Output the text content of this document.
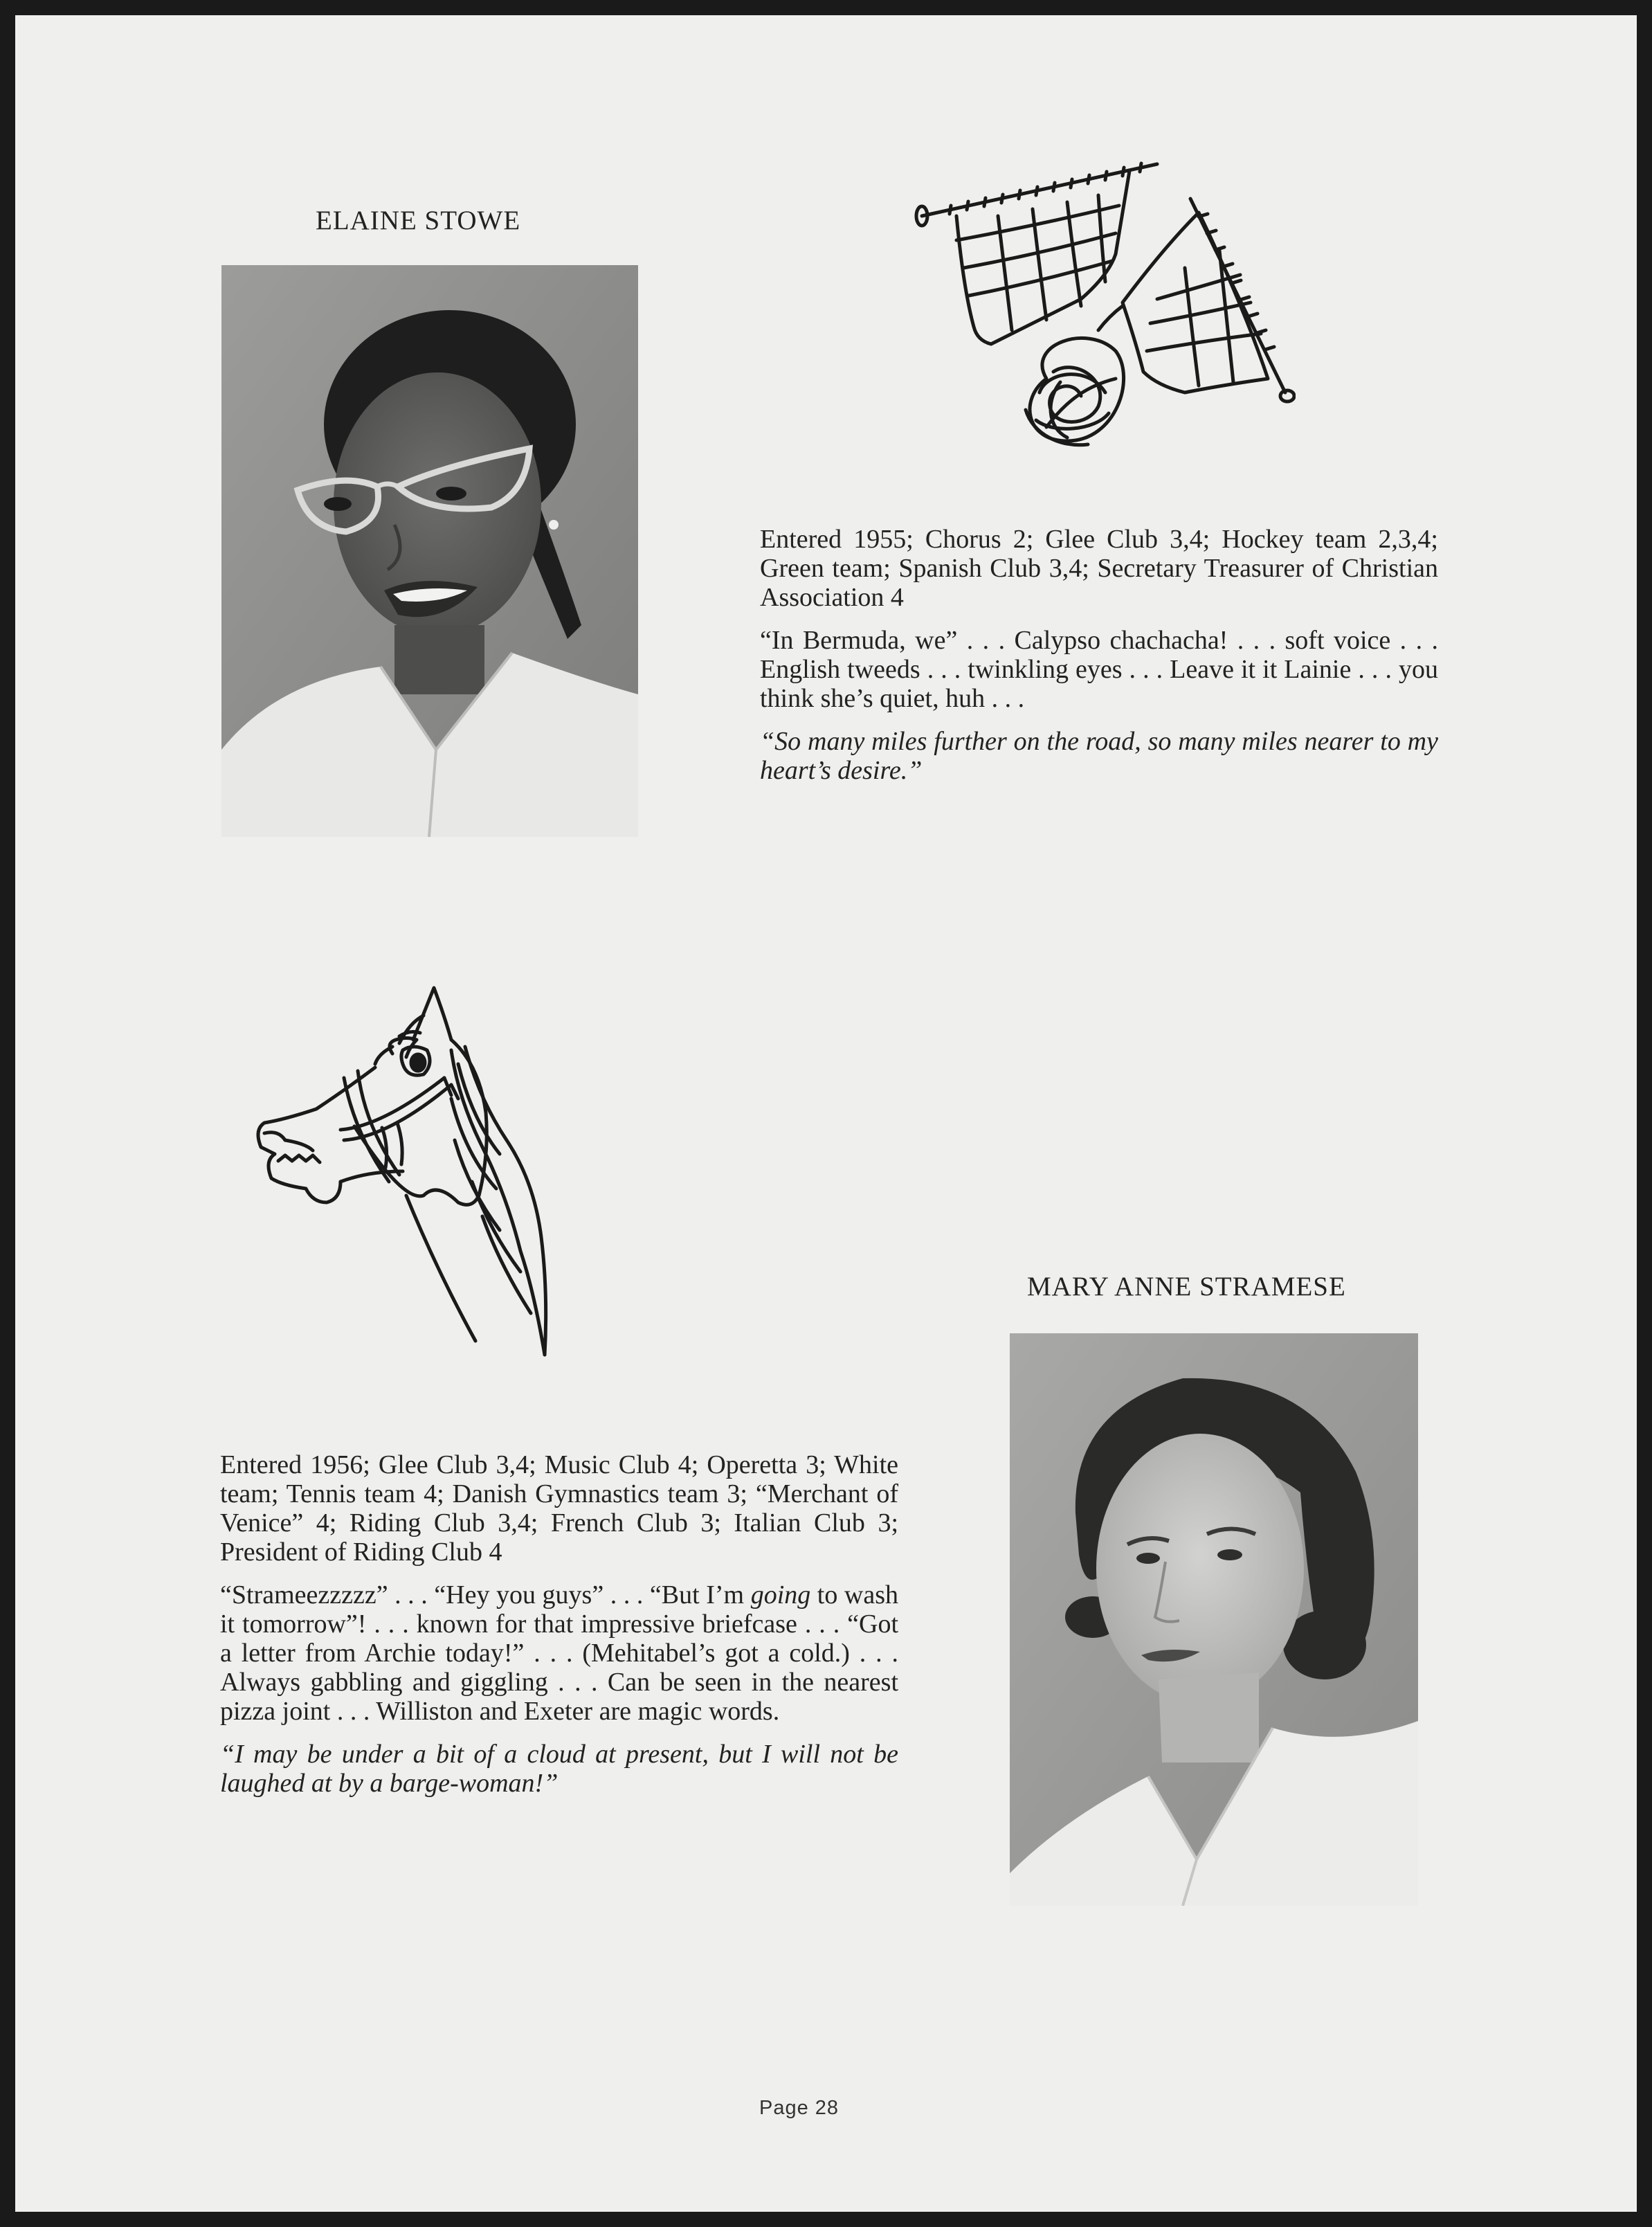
ELAINE STOWE

Entered 1955; Chorus 2; Glee Club 3,4; Hockey team 2,3,4; Green team; Spanish Club 3,4; Secretary Treasurer of Christian Association 4

“In Bermuda, we” . . . Calypso chachacha! . . . soft voice . . . English tweeds . . . twinkling eyes . . . Leave it it Lainie . . . you think she’s quiet, huh . . .

“So many miles further on the road, so many miles nearer to my heart’s desire.”

MARY ANNE STRAMESE

Entered 1956; Glee Club 3,4; Music Club 4; Operetta 3; White team; Tennis team 4; Danish Gymnastics team 3; “Merchant of Venice” 4; Riding Club 3,4; French Club 3; Italian Club 3; President of Riding Club 4

“Strameezzzzz” . . . “Hey you guys” . . . “But I’m going to wash it tomorrow”! . . . known for that impressive briefcase . . . “Got a letter from Archie today!” . . . (Mehitabel’s got a cold.) . . . Always gabbling and giggling . . . Can be seen in the nearest pizza joint . . . Williston and Exeter are magic words.

“I may be under a bit of a cloud at present, but I will not be laughed at by a barge-woman!”

Page 28
